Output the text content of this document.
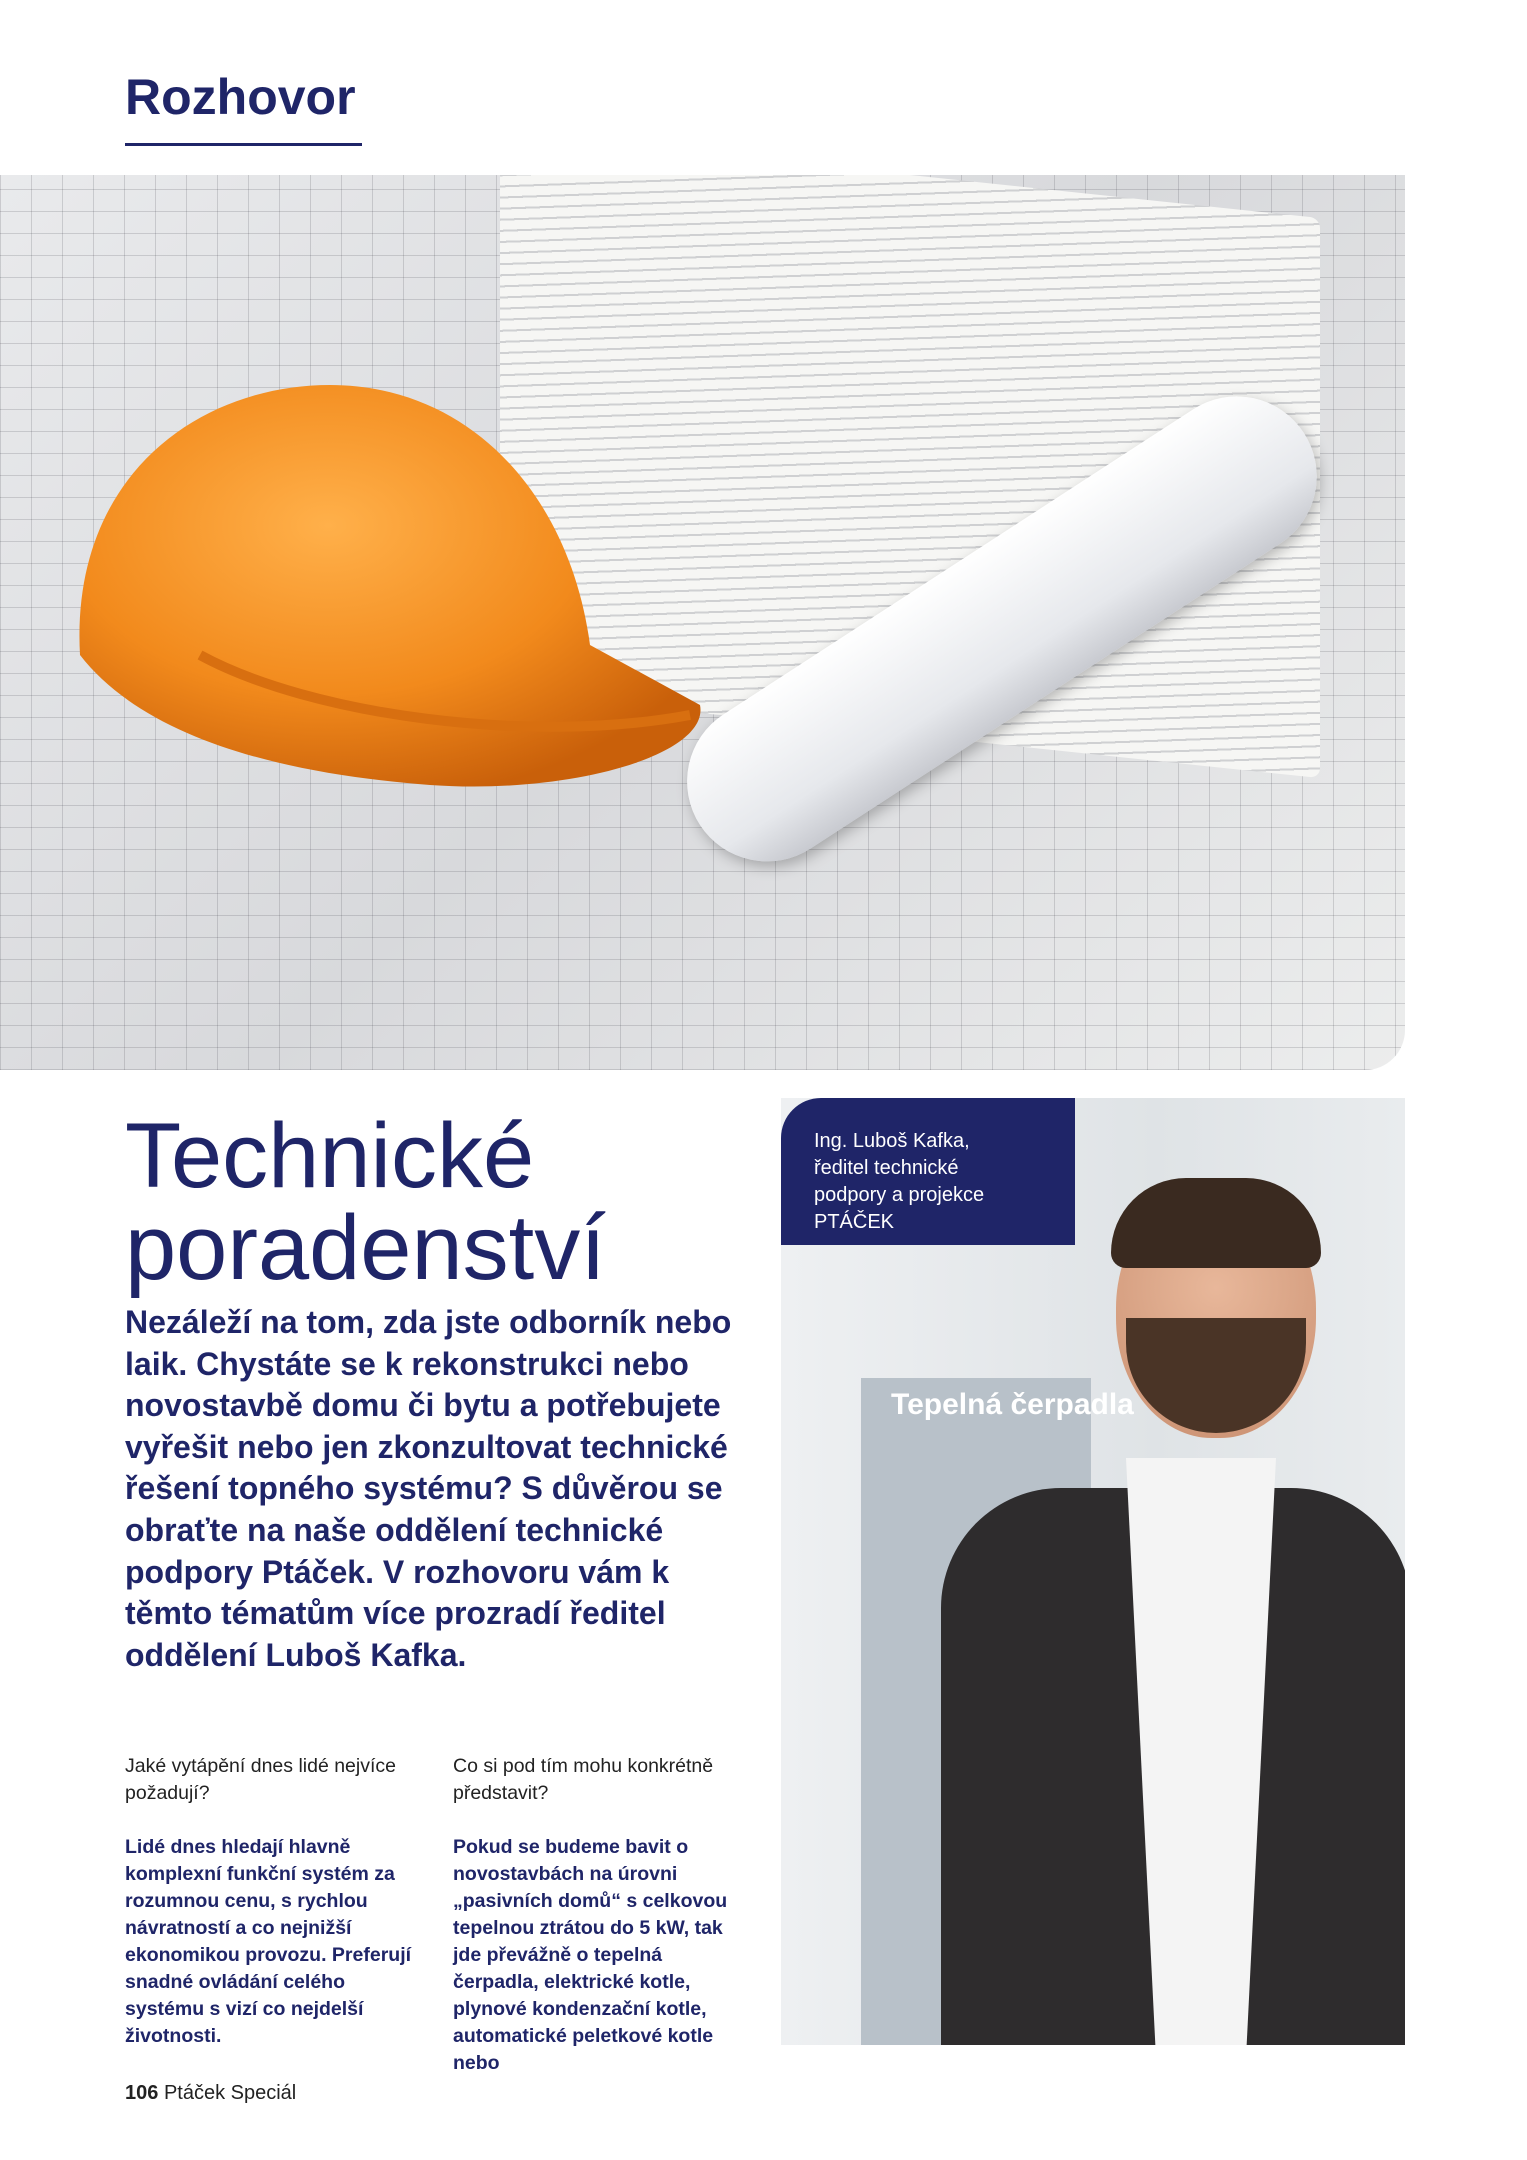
Rozhovor
Technické
poradenství

Nezáleží na tom, zda jste odborník nebo laik. Chystáte se k rekonstrukci nebo novostavbě domu či bytu a potřebujete vyřešit nebo jen zkonzultovat technické řešení topného systému? S důvěrou se obraťte na naše oddělení technické podpory Ptáček. V rozhovoru vám k těmto tématům více prozradí ředitel oddělení Luboš Kafka.

Tepelná čerpadla
Ing. Luboš Kafka,
ředitel technické
podpory a projekce
PTÁČEK

Jaké vytápění dnes lidé nejvíce požadují?

Lidé dnes hledají hlavně komplexní funkční systém za rozumnou cenu, s rychlou návratností a co nejnižší ekonomikou provozu. Preferují snadné ovládání celého systému s vizí co nejdelší životnosti.

Co si pod tím mohu konkrétně představit?

Pokud se budeme bavit o novostavbách na úrovni „pasivních domů“ s celkovou tepelnou ztrátou do 5 kW, tak jde převážně o tepelná čerpadla, elektrické kotle, plynové kondenzační kotle, automatické peletkové kotle nebo

106 Ptáček Speciál
